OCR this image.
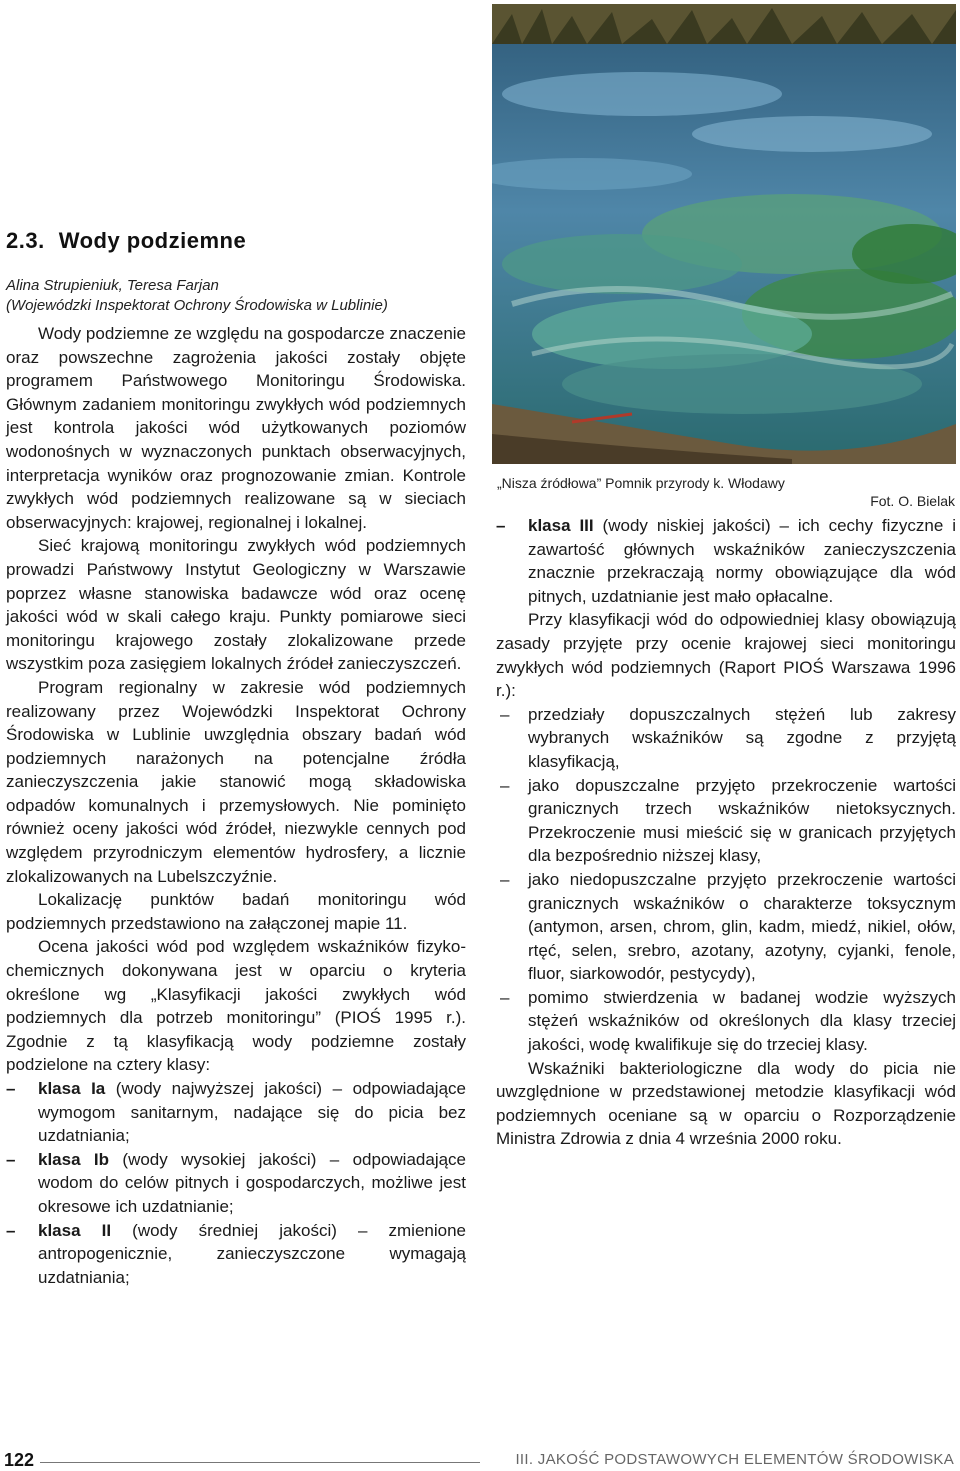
„Nisza źródłowa” Pomnik przyrody k. Włodawy
Fot. O. Bielak
2.3. Wody podziemne
Alina Strupieniuk, Teresa Farjan
(Wojewódzki Inspektorat Ochrony Środowiska w Lublinie)

Wody podziemne ze względu na gospodarcze znaczenie oraz powszechne zagrożenia jakości zostały objęte programem Państwowego Monitoringu Środowiska. Głównym zadaniem monitoringu zwykłych wód podziemnych jest kontrola jakości wód użytkowanych poziomów wodonośnych w wyznaczonych punktach obserwacyjnych, interpretacja wyników oraz prognozowanie zmian. Kontrole zwykłych wód podziemnych realizowane są w sieciach obserwacyjnych: krajowej, regionalnej i lokalnej.

Sieć krajową monitoringu zwykłych wód podziemnych prowadzi Państwowy Instytut Geologiczny w Warszawie poprzez własne stanowiska badawcze wód oraz ocenę jakości wód w skali całego kraju. Punkty pomiarowe sieci monitoringu krajowego zostały zlokalizowane przede wszystkim poza zasięgiem lokalnych źródeł zanieczyszczeń.

Program regionalny w zakresie wód podziemnych realizowany przez Wojewódzki Inspektorat Ochrony Środowiska w Lublinie uwzględnia obszary badań wód podziemnych narażonych na potencjalne źródła zanieczyszczenia jakie stanowić mogą składowiska odpadów komunalnych i przemysłowych. Nie pominięto również oceny jakości wód źródeł, niezwykle cennych pod względem przyrodniczym elementów hydrosfery, a licznie zlokalizowanych na Lubelszczyźnie.

Lokalizację punktów badań monitoringu wód podziemnych przedstawiono na załączonej mapie 11.

Ocena jakości wód pod względem wskaźników fizyko-chemicznych dokonywana jest w oparciu o kryteria określone wg „Klasyfikacji jakości zwykłych wód podziemnych dla potrzeb monitoringu” (PIOŚ 1995 r.). Zgodnie z tą klasyfikacją wody podziemne zostały podzielone na cztery klasy:

– klasa Ia (wody najwyższej jakości) – odpowiadające wymogom sanitarnym, nadające się do picia bez uzdatniania;
– klasa Ib (wody wysokiej jakości) – odpowiadające wodom do celów pitnych i gospodarczych, możliwe jest okresowe ich uzdatnianie;
– klasa II (wody średniej jakości) – zmienione antropogenicznie, zanieczyszczone wymagają uzdatniania;
– klasa III (wody niskiej jakości) – ich cechy fizyczne i zawartość głównych wskaźników zanieczyszczenia znacznie przekraczają normy obowiązujące dla wód pitnych, uzdatnianie jest mało opłacalne.

Przy klasyfikacji wód do odpowiedniej klasy obowiązują zasady przyjęte przy ocenie krajowej sieci monitoringu zwykłych wód podziemnych (Raport PIOŚ Warszawa 1996 r.):

– przedziały dopuszczalnych stężeń lub zakresy wybranych wskaźników są zgodne z przyjętą klasyfikacją,
– jako dopuszczalne przyjęto przekroczenie wartości granicznych trzech wskaźników nietoksycznych. Przekroczenie musi mieścić się w granicach przyjętych dla bezpośrednio niższej klasy,
– jako niedopuszczalne przyjęto przekroczenie wartości granicznych wskaźników o charakterze toksycznym (antymon, arsen, chrom, glin, kadm, miedź, nikiel, ołów, rtęć, selen, srebro, azotany, azotyny, cyjanki, fenole, fluor, siarkowodór, pestycydy),
– pomimo stwierdzenia w badanej wodzie wyższych stężeń wskaźników od określonych dla klasy trzeciej jakości, wodę kwalifikuje się do trzeciej klasy.

Wskaźniki bakteriologiczne dla wody do picia nie uwzględnione w przedstawionej metodzie klasyfikacji wód podziemnych oceniane są w oparciu o Rozporządzenie Ministra Zdrowia z dnia 4 września 2000 roku.

122	III. JAKOŚĆ PODSTAWOWYCH ELEMENTÓW ŚRODOWISKA
